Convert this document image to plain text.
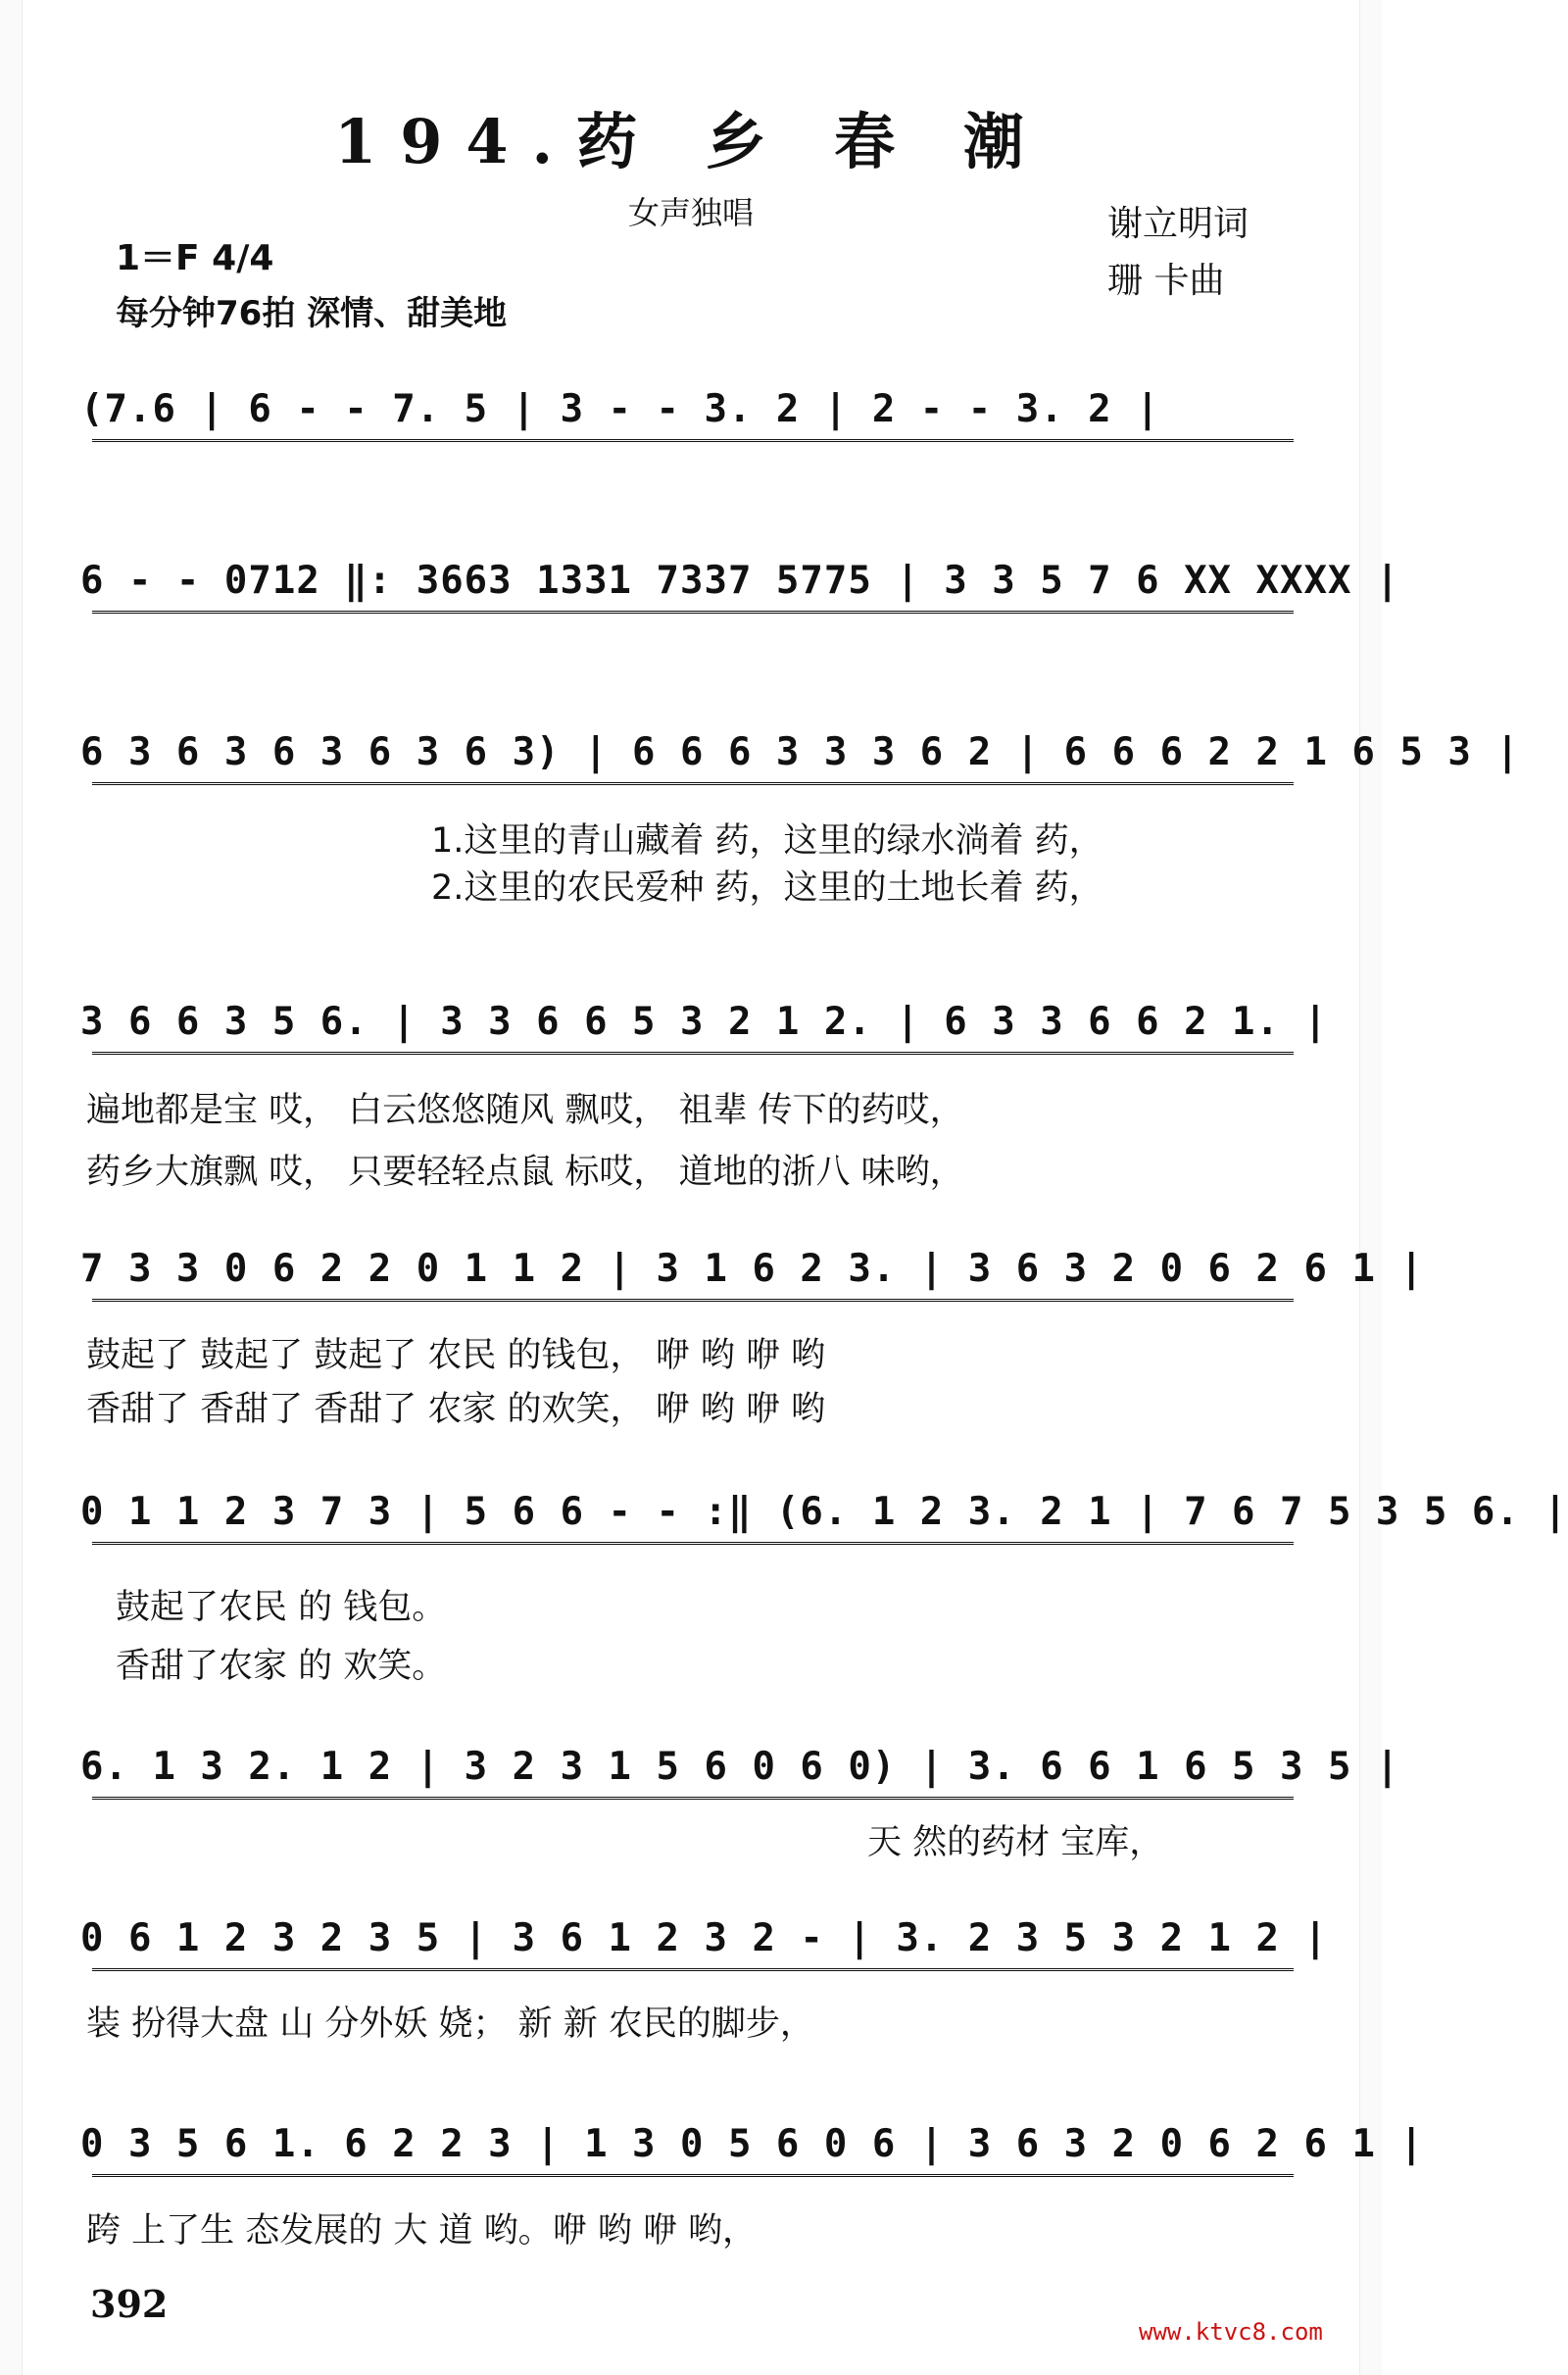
194.药 乡 春 潮
女声独唱	谢立明词
珊 卡曲
1＝F 4/4
每分钟76拍 深情、甜美地

(7.6 | 6 - - 7. 5 | 3 - - 3. 2 | 2 - - 3. 2 |

6 - - 0712 ‖: 3663 1331 7337 5775 | 3 3 5 7 6 XX XXXX |

6 3 6 3 6 3 6 3 6 3) | 6 6 6 3 3 3 6 2 | 6 6 6 2 2 1 6 5 3 |

1.这里的青山藏着 药，这里的绿水淌着 药，
2.这里的农民爱种 药，这里的土地长着 药，

3 6 6 3 5 6. | 3 3 6 6 5 3 2 1 2. | 6 3 3 6 6 2 1. |

遍地都是宝 哎， 白云悠悠随风 飘哎， 祖辈 传下的药哎，
药乡大旗飘 哎， 只要轻轻点鼠 标哎， 道地的浙八 味哟，

7 3 3 0 6 2 2 0 1 1 2 | 3 1 6 2 3. | 3 6 3 2 0 6 2 6 1 |

鼓起了 鼓起了 鼓起了 农民 的钱包， 咿 哟 咿 哟
香甜了 香甜了 香甜了 农家 的欢笑， 咿 哟 咿 哟

0 1 1 2 3 7 3 | 5 6 6 - - :‖ (6. 1 2 3. 2 1 | 7 6 7 5 3 5 6. |

鼓起了农民 的 钱包。
香甜了农家 的 欢笑。

6. 1 3 2. 1 2 | 3 2 3 1 5 6 0 6 0) | 3. 6 6 1 6 5 3 5 |

天 然的药材 宝库，

0 6 1 2 3 2 3 5 | 3 6 1 2 3 2 - | 3. 2 3 5 3 2 1 2 |

装 扮得大盘 山 分外妖 娆； 新 新 农民的脚步，

0 3 5 6 1. 6 2 2 3 | 1 3 0 5 6 0 6 | 3 6 3 2 0 6 2 6 1 |

跨 上了生 态发展的 大 道 哟。咿 哟 咿 哟，
392
www.ktvc8.com
